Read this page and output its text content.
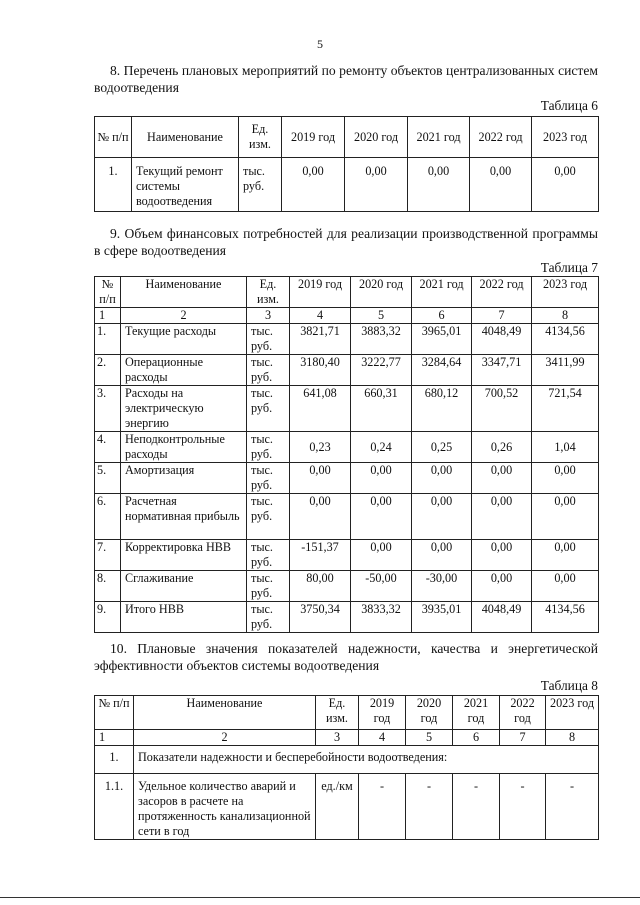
5
8. Перечень плановых мероприятий по ремонту объектов централизованных систем водоотведения
Таблица 6
№ п/п	Наименование	Ед. изм.	2019 год	2020 год	2021 год	2022 год	2023 год
1.	Текущий ремонт системы водоотведения	тыс. руб.	0,00	0,00	0,00	0,00	0,00
9. Объем финансовых потребностей для реализации производственной программы в сфере водоотведения
Таблица 7
№ п/п	Наименование	Ед. изм.	2019 год	2020 год	2021 год	2022 год	2023 год
1	2	3	4	5	6	7	8
1.	Текущие расходы	тыс. руб.	3821,71	3883,32	3965,01	4048,49	4134,56
2.	Операционные расходы	тыс. руб.	3180,40	3222,77	3284,64	3347,71	3411,99
3.	Расходы на электрическую энергию	тыс. руб.	641,08	660,31	680,12	700,52	721,54
4.	Неподконтрольные расходы	тыс. руб.	0,23	0,24	0,25	0,26	1,04
5.	Амортизация	тыс. руб.	0,00	0,00	0,00	0,00	0,00
6.	Расчетная нормативная прибыль	тыс. руб.	0,00	0,00	0,00	0,00	0,00
7.	Корректировка НВВ	тыс. руб.	-151,37	0,00	0,00	0,00	0,00
8.	Сглаживание	тыс. руб.	80,00	-50,00	-30,00	0,00	0,00
9.	Итого НВВ	тыс. руб.	3750,34	3833,32	3935,01	4048,49	4134,56
10. Плановые значения показателей надежности, качества и энергетической эффективности объектов системы водоотведения
Таблица 8
№ п/п	Наименование	Ед. изм.	2019 год	2020 год	2021 год	2022 год	2023 год
1	2	3	4	5	6	7	8
1.	Показатели надежности и бесперебойности водоотведения:						
1.1.	Удельное количество аварий и засоров в расчете на протяженность канализационной сети в год	ед./км	-	-	-	-	-
